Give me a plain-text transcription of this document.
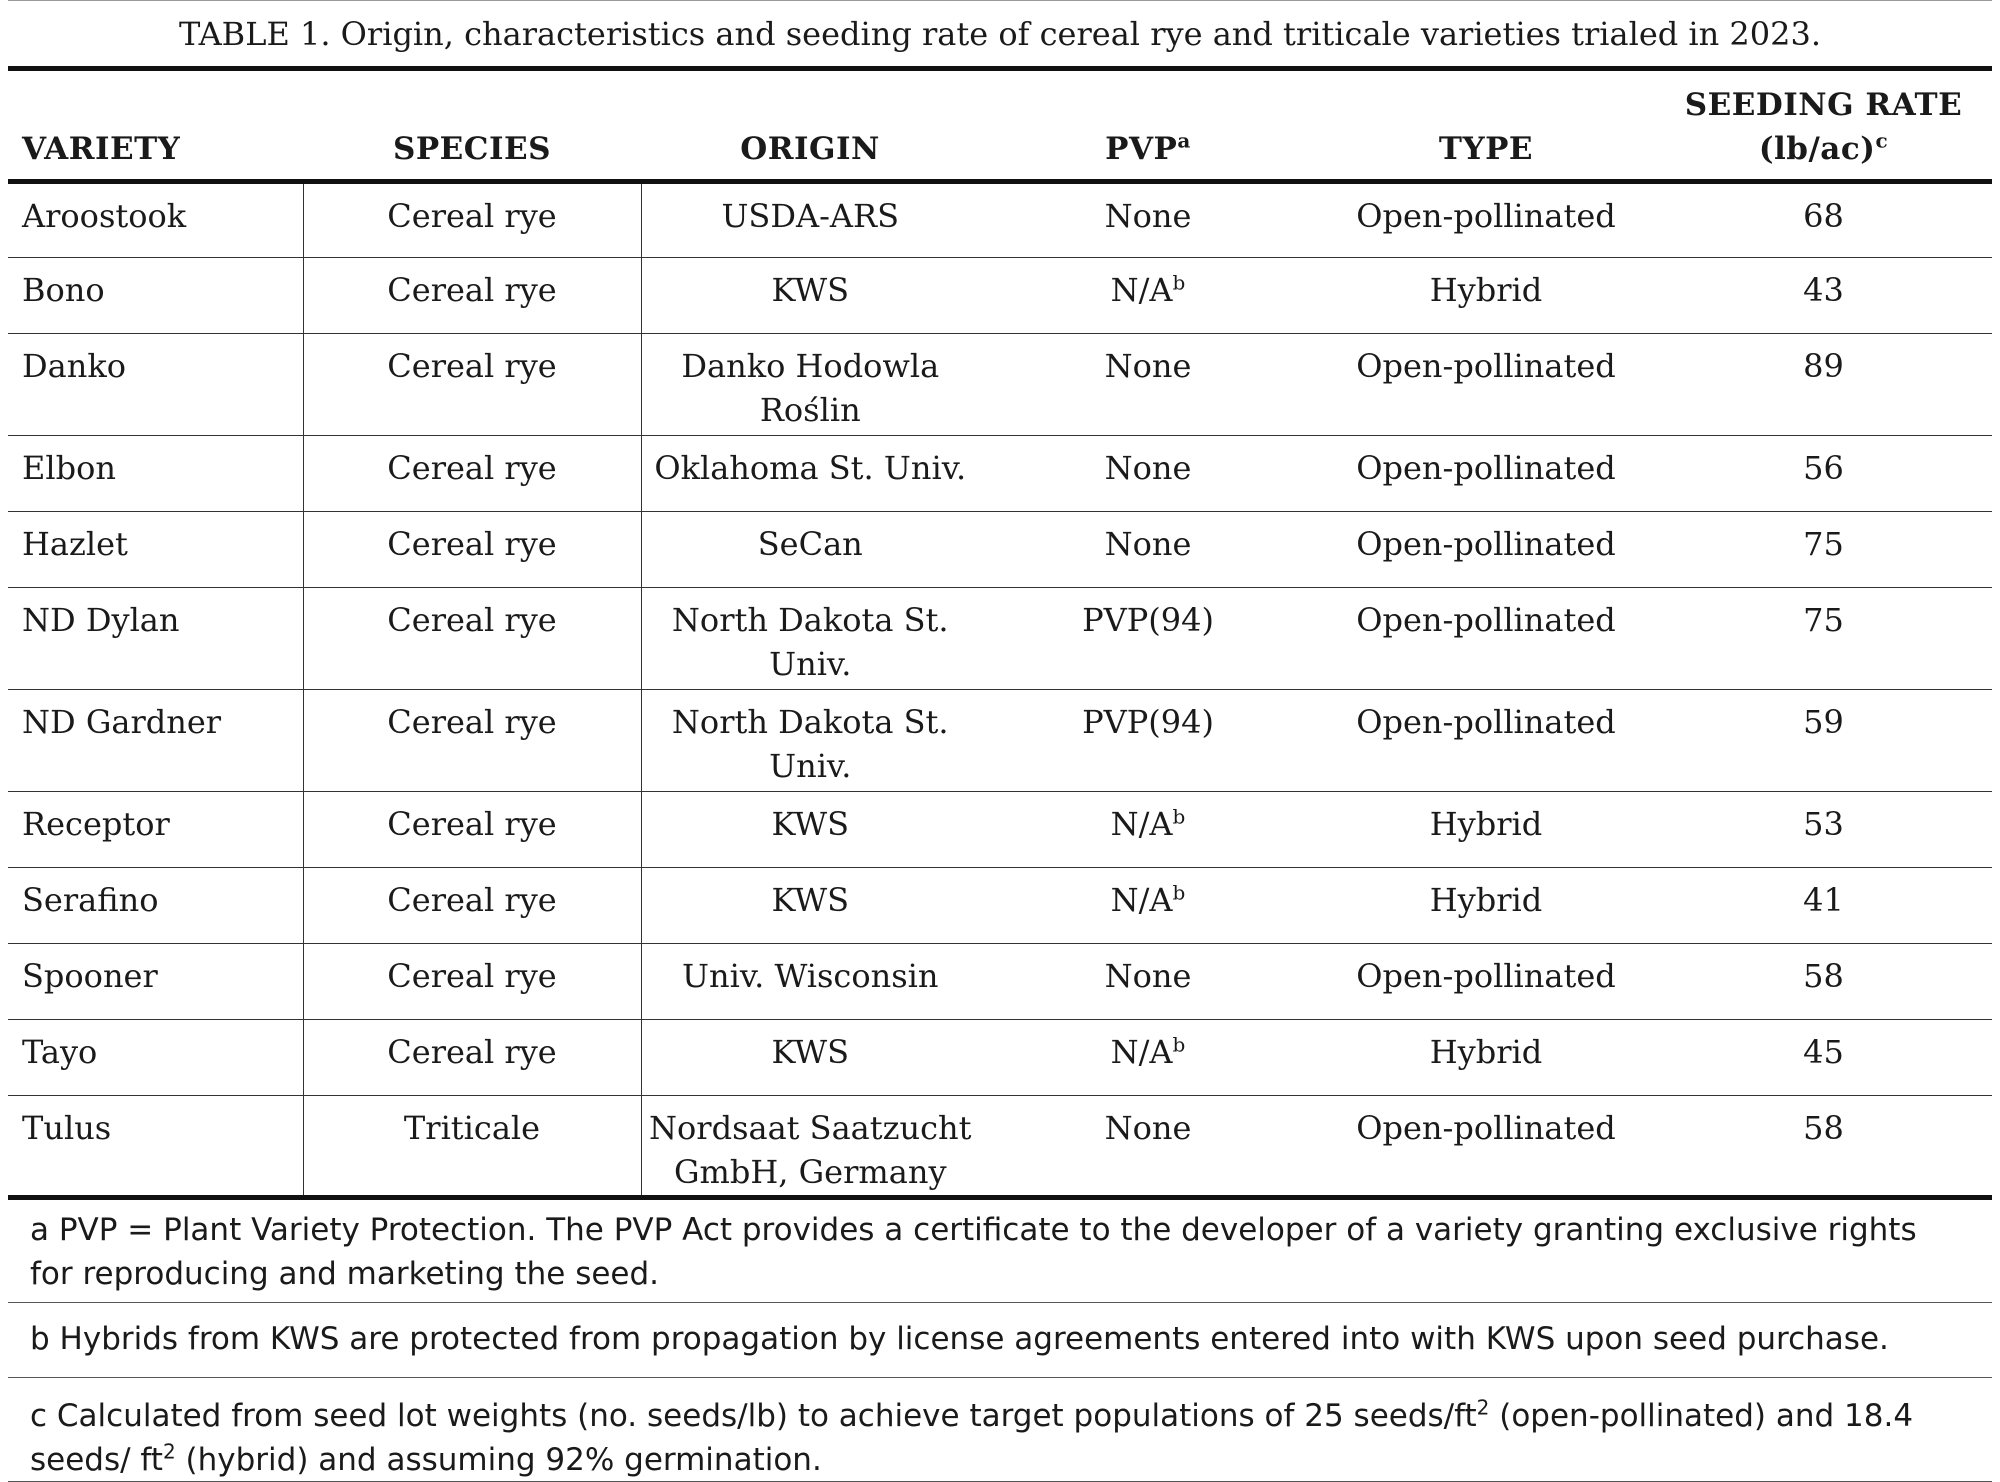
TABLE 1. Origin, characteristics and seeding rate of cereal rye and triticale varieties trialed in 2023.
VARIETY	SPECIES	ORIGIN	PVP$^a$	TYPE	SEEDING RATE
$(lb/ac)^c$
Aroostook	Cereal rye	USDA-ARS	None	Open-pollinated	68
Bono	Cereal rye	KWS	$N/A^b$	Hybrid	43
Danko	Cereal rye	Danko Hodowla Roślin	None	Open-pollinated	89
Elbon	Cereal rye	Oklahoma St. Univ.	None	Open-pollinated	56
Hazlet	Cereal rye	SeCan	None	Open-pollinated	75
ND Dylan	Cereal rye	North Dakota St. Univ.	PVP(94)	Open-pollinated	75
ND Gardner	Cereal rye	North Dakota St. Univ.	PVP(94)	Open-pollinated	59
Receptor	Cereal rye	KWS	$N/A^b$	Hybrid	53
Serafino	Cereal rye	KWS	$N/A^b$	Hybrid	41
Spooner	Cereal rye	Univ. Wisconsin	None	Open-pollinated	58
Tayo	Cereal rye	KWS	$N/A^b$	Hybrid	45
Tulus	Triticale	Nordsaat Saatzucht GmbH, Germany	None	Open-pollinated	58
a PVP = Plant Variety Protection. The PVP Act provides a certificate to the developer of a variety granting exclusive rights for reproducing and marketing the seed.
b Hybrids from KWS are protected from propagation by license agreements entered into with KWS upon seed purchase.
c Calculated from seed lot weights (no. seeds/lb) to achieve target populations of 25 seeds/$ft^2$ (open-pollinated) and 18.4 seeds/ $ft^2$ (hybrid) and assuming 92% germination.
